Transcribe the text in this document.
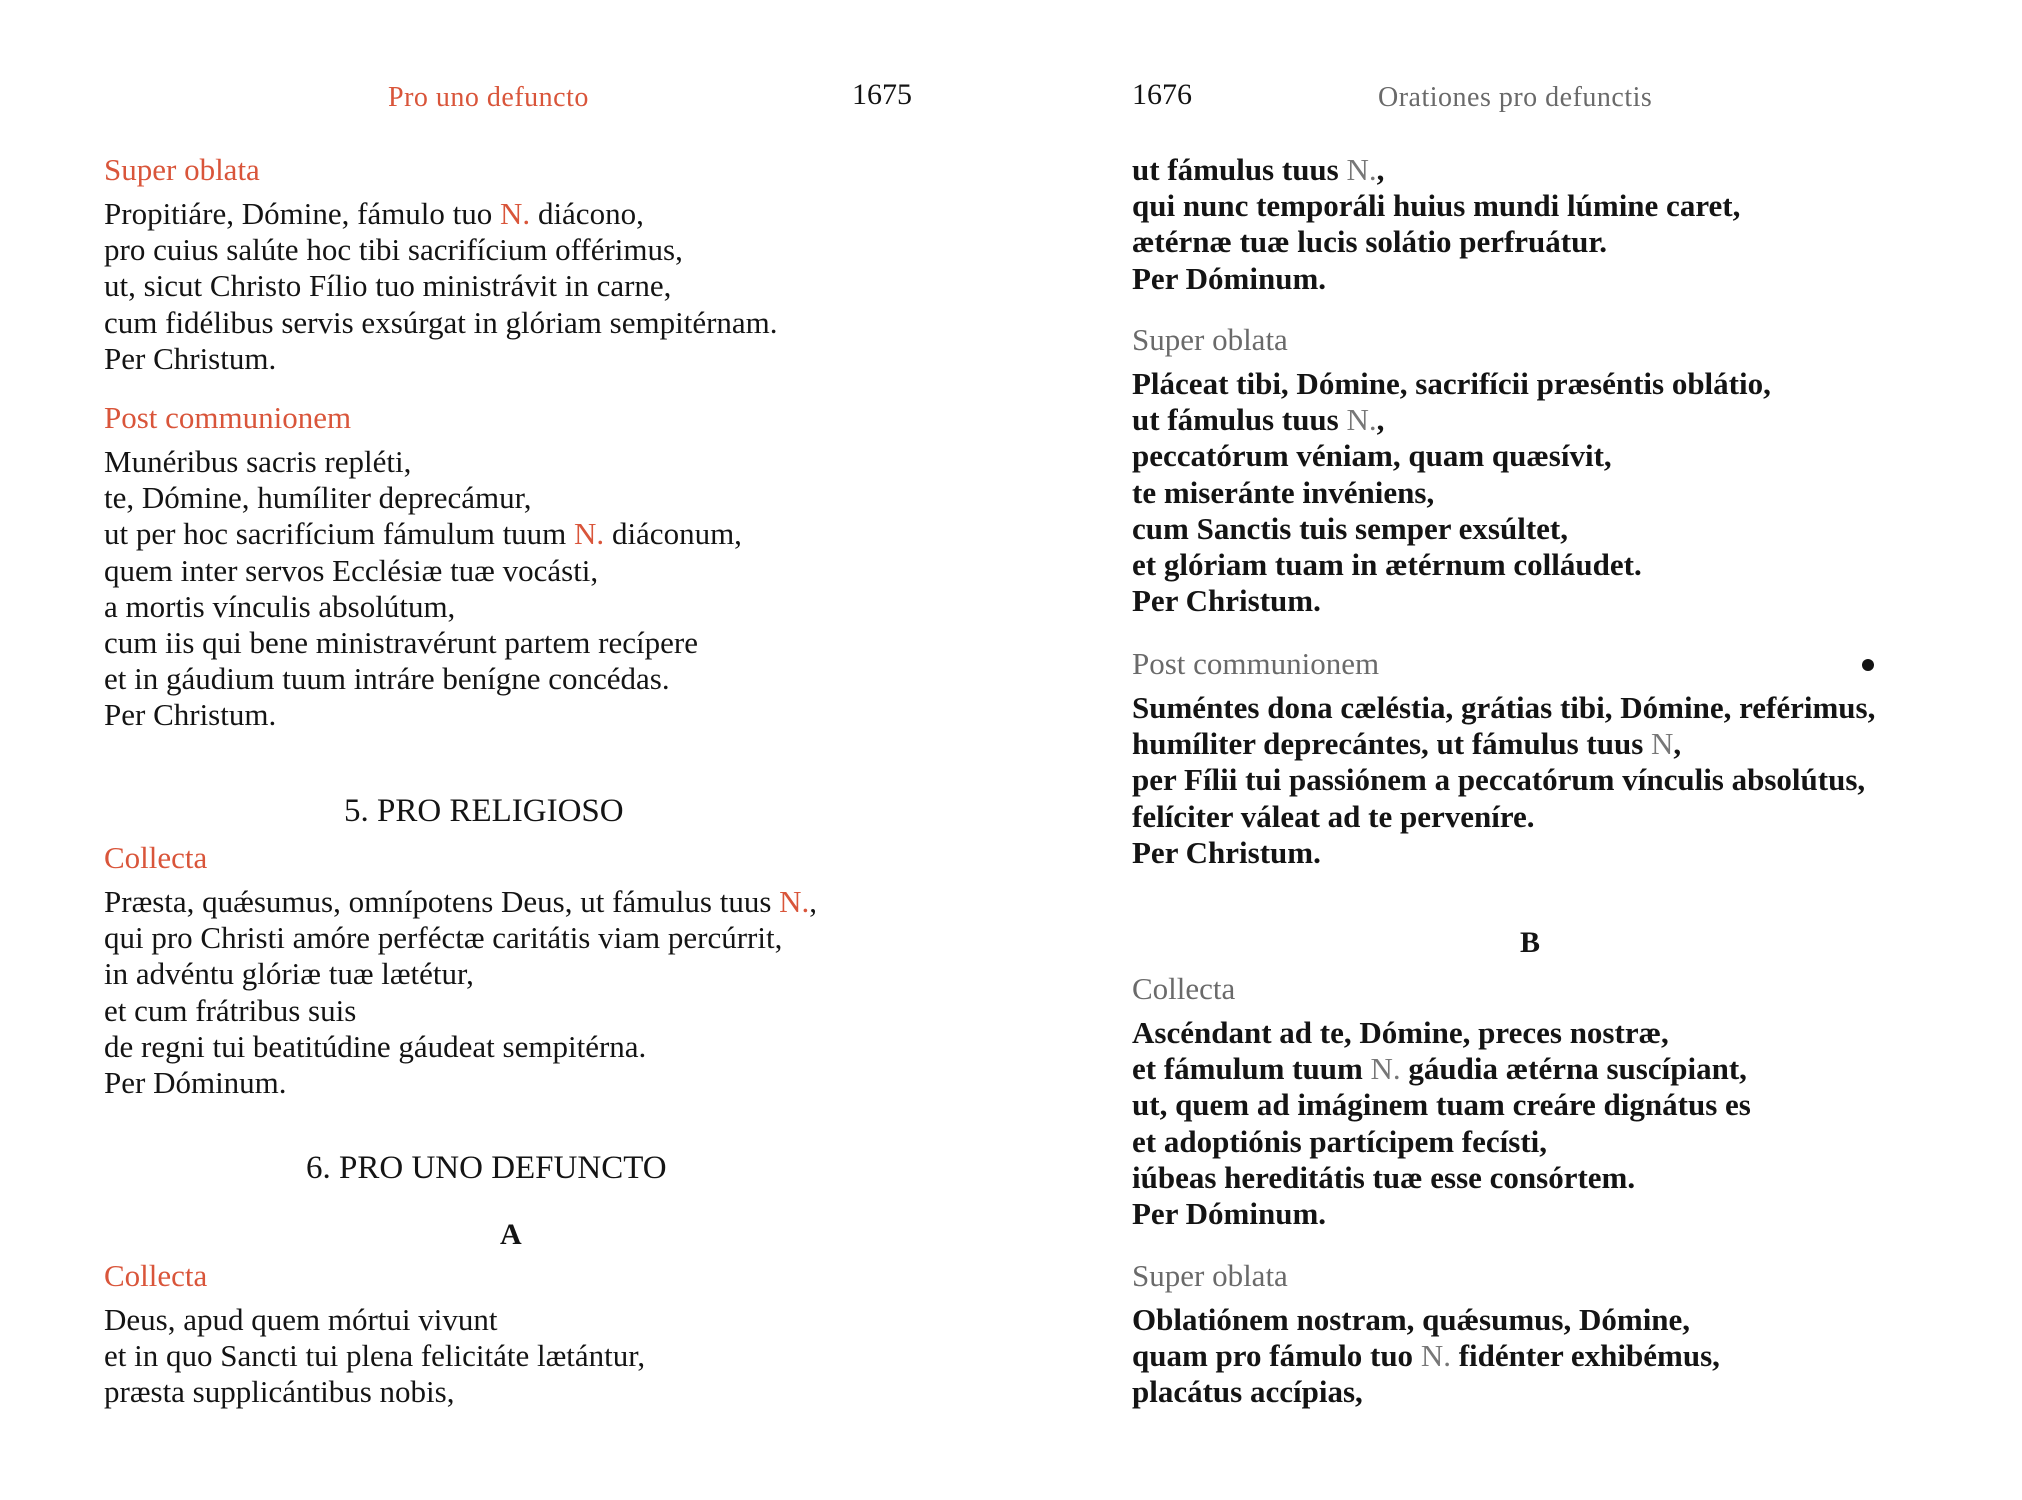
Pro uno defuncto	1675
Super oblata
Propitiáre, Dómine, fámulo tuo N. diácono,
pro cuius salúte hoc tibi sacrifícium offérimus,
ut, sicut Christo Fílio tuo ministrávit in carne,
cum fidélibus servis exsúrgat in glóriam sempitérnam.
Per Christum.
Post communionem
Munéribus sacris repléti,
te, Dómine, humíliter deprecámur,
ut per hoc sacrifícium fámulum tuum N. diáconum,
quem inter servos Ecclésiæ tuæ vocásti,
a mortis vínculis absolútum,
cum iis qui bene ministravérunt partem recípere
et in gáudium tuum intráre benígne concédas.
Per Christum.
5. PRO RELIGIOSO
Collecta
Præsta, quǽsumus, omnípotens Deus, ut fámulus tuus N.,
qui pro Christi amóre perféctæ caritátis viam percúrrit,
in advéntu glóriæ tuæ lætétur,
et cum frátribus suis
de regni tui beatitúdine gáudeat sempitérna.
Per Dóminum.
6. PRO UNO DEFUNCTO
A
Collecta
Deus, apud quem mórtui vivunt
et in quo Sancti tui plena felicitáte lætántur,
præsta supplicántibus nobis,
1676	Orationes pro defunctis
ut fámulus tuus N.,
qui nunc temporáli huius mundi lúmine caret,
ætérnæ tuæ lucis solátio perfruátur.
Per Dóminum.
Super oblata
Pláceat tibi, Dómine, sacrifícii præséntis oblátio,
ut fámulus tuus N.,
peccatórum véniam, quam quæsívit,
te miseránte invéniens,
cum Sanctis tuis semper exsúltet,
et glóriam tuam in ætérnum colláudet.
Per Christum.
Post communionem
Suméntes dona cæléstia, grátias tibi, Dómine, reférimus,
humíliter deprecántes, ut fámulus tuus N,
per Fílii tui passiónem a peccatórum vínculis absolútus,
felíciter váleat ad te perveníre.
Per Christum.
B
Collecta
Ascéndant ad te, Dómine, preces nostræ,
et fámulum tuum N. gáudia ætérna suscípiant,
ut, quem ad imáginem tuam creáre dignátus es
et adoptiónis partícipem fecísti,
iúbeas hereditátis tuæ esse consórtem.
Per Dóminum.
Super oblata
Oblatiónem nostram, quǽsumus, Dómine,
quam pro fámulo tuo N. fidénter exhibémus,
placátus accípias,
